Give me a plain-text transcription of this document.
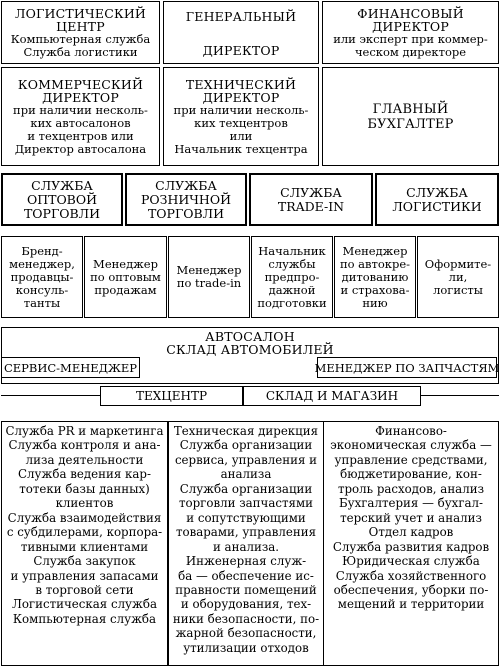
ЛОГИСТИЧЕСКИЙ
ЦЕНТР
Компьютерная служба
Служба логистики
ГЕНЕРАЛЬНЫЙ
ДИРЕКТОР
ФИНАНСОВЫЙ
ДИРЕКТОР
или эксперт при коммер-
ческом директоре
КОММЕРЧЕСКИЙ
ДИРЕКТОР
при наличии несколь-
ких автосалонов
и техцентров или
Директор автосалона
ТЕХНИЧЕСКИЙ
ДИРЕКТОР
при наличии несколь-
ких техцентров
или
Начальник техцентра
ГЛАВНЫЙ
БУХГАЛТЕР
СЛУЖБА
ОПТОВОЙ
ТОРГОВЛИ
СЛУЖБА
РОЗНИЧНОЙ
ТОРГОВЛИ
СЛУЖБА
TRADE-IN
СЛУЖБА
ЛОГИСТИКИ
Бренд-
менеджер,
продавцы-
консуль-
танты
Менеджер
по оптовым
продажам
Менеджер
по trade-in
Начальник
службы
предпро-
дажной
подготовки
Менеджер
по автокре-
дитованию
и страхова-
нию
Оформите-
ли,
логисты
АВТОСАЛОН
СКЛАД АВТОМОБИЛЕЙ
СЕРВИС-МЕНЕДЖЕР	МЕНЕДЖЕР ПО ЗАПЧАСТЯМ
ТЕХЦЕНТР	СКЛАД И МАГАЗИН
Служба PR и маркетинга
Служба контроля и ана-
лиза деятельности
Служба ведения кар-
тотеки базы данных)
клиентов
Служба взаимодействия
с субдилерами, корпора-
тивными клиентами
Служба закупок
и управления запасами
в торговой сети
Логистическая служба
Компьютерная служба
Техническая дирекция
Служба организации
сервиса, управления и
анализа
Служба организации
торговли запчастями
и сопутствующими
товарами, управления
и анализа.
Инженерная служ-
ба — обеспечение ис-
правности помещений
и оборудования, тех-
ники безопасности, по-
жарной безопасности,
утилизации отходов
Финансово-
экономическая служба —
управление средствами,
бюджетирование, кон-
троль расходов, анализ
Бухгалтерия — бухгал-
терский учет и анализ
Отдел кадров
Служба развития кадров
Юридическая служба
Служба хозяйственного
обеспечения, уборки по-
мещений и территории
